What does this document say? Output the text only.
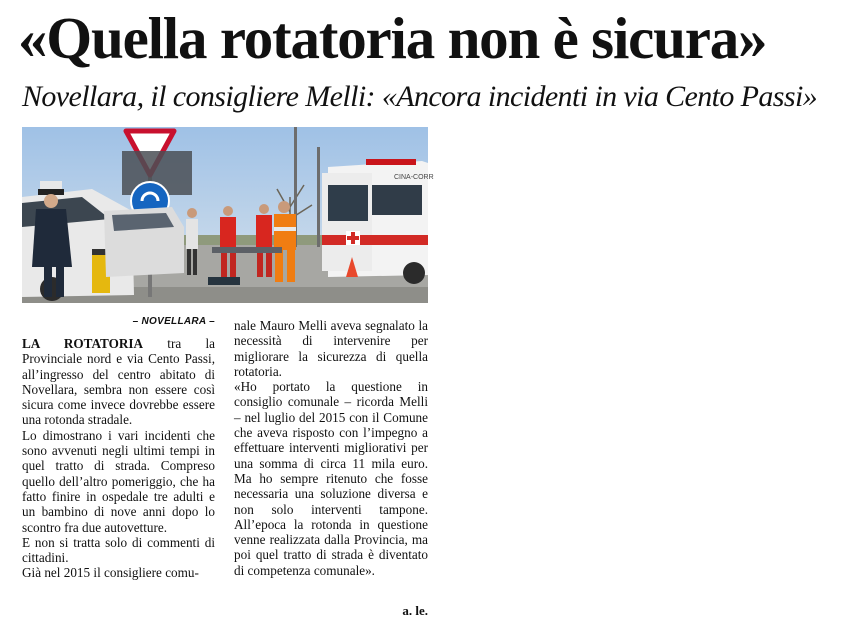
«Quella rotatoria non è sicura»
Novellara, il consigliere Melli: «Ancora incidenti in via Cento Passi»
CINA-CORR
– NOVELLARA –

LA ROTATORIA tra la Provinciale nord e via Cento Passi, all’ingresso del centro abitato di Novellara, sembra non essere così sicura come invece dovrebbe essere una rotonda stradale.

Lo dimostrano i vari incidenti che sono avvenuti negli ultimi tempi in quel tratto di strada. Compreso quello dell’altro pomeriggio, che ha fatto finire in ospedale tre adulti e un bambino di nove anni dopo lo scontro fra due autovetture.

E non si tratta solo di commenti di cittadini.

Già nel 2015 il consigliere comu-

nale Mauro Melli aveva segnalato la necessità di intervenire per migliorare la sicurezza di quella rotatoria.

«Ho portato la questione in consiglio comunale – ricorda Melli – nel luglio del 2015 con il Comune che aveva risposto con l’impegno a effettuare interventi migliorativi per una somma di circa 11 mila euro. Ma ho sempre ritenuto che fosse necessaria una soluzione diversa e non solo interventi tampone. All’epoca la rotonda in questione venne realizzata dalla Provincia, ma poi quel tratto di strada è diventato di competenza comunale».

a. le.
